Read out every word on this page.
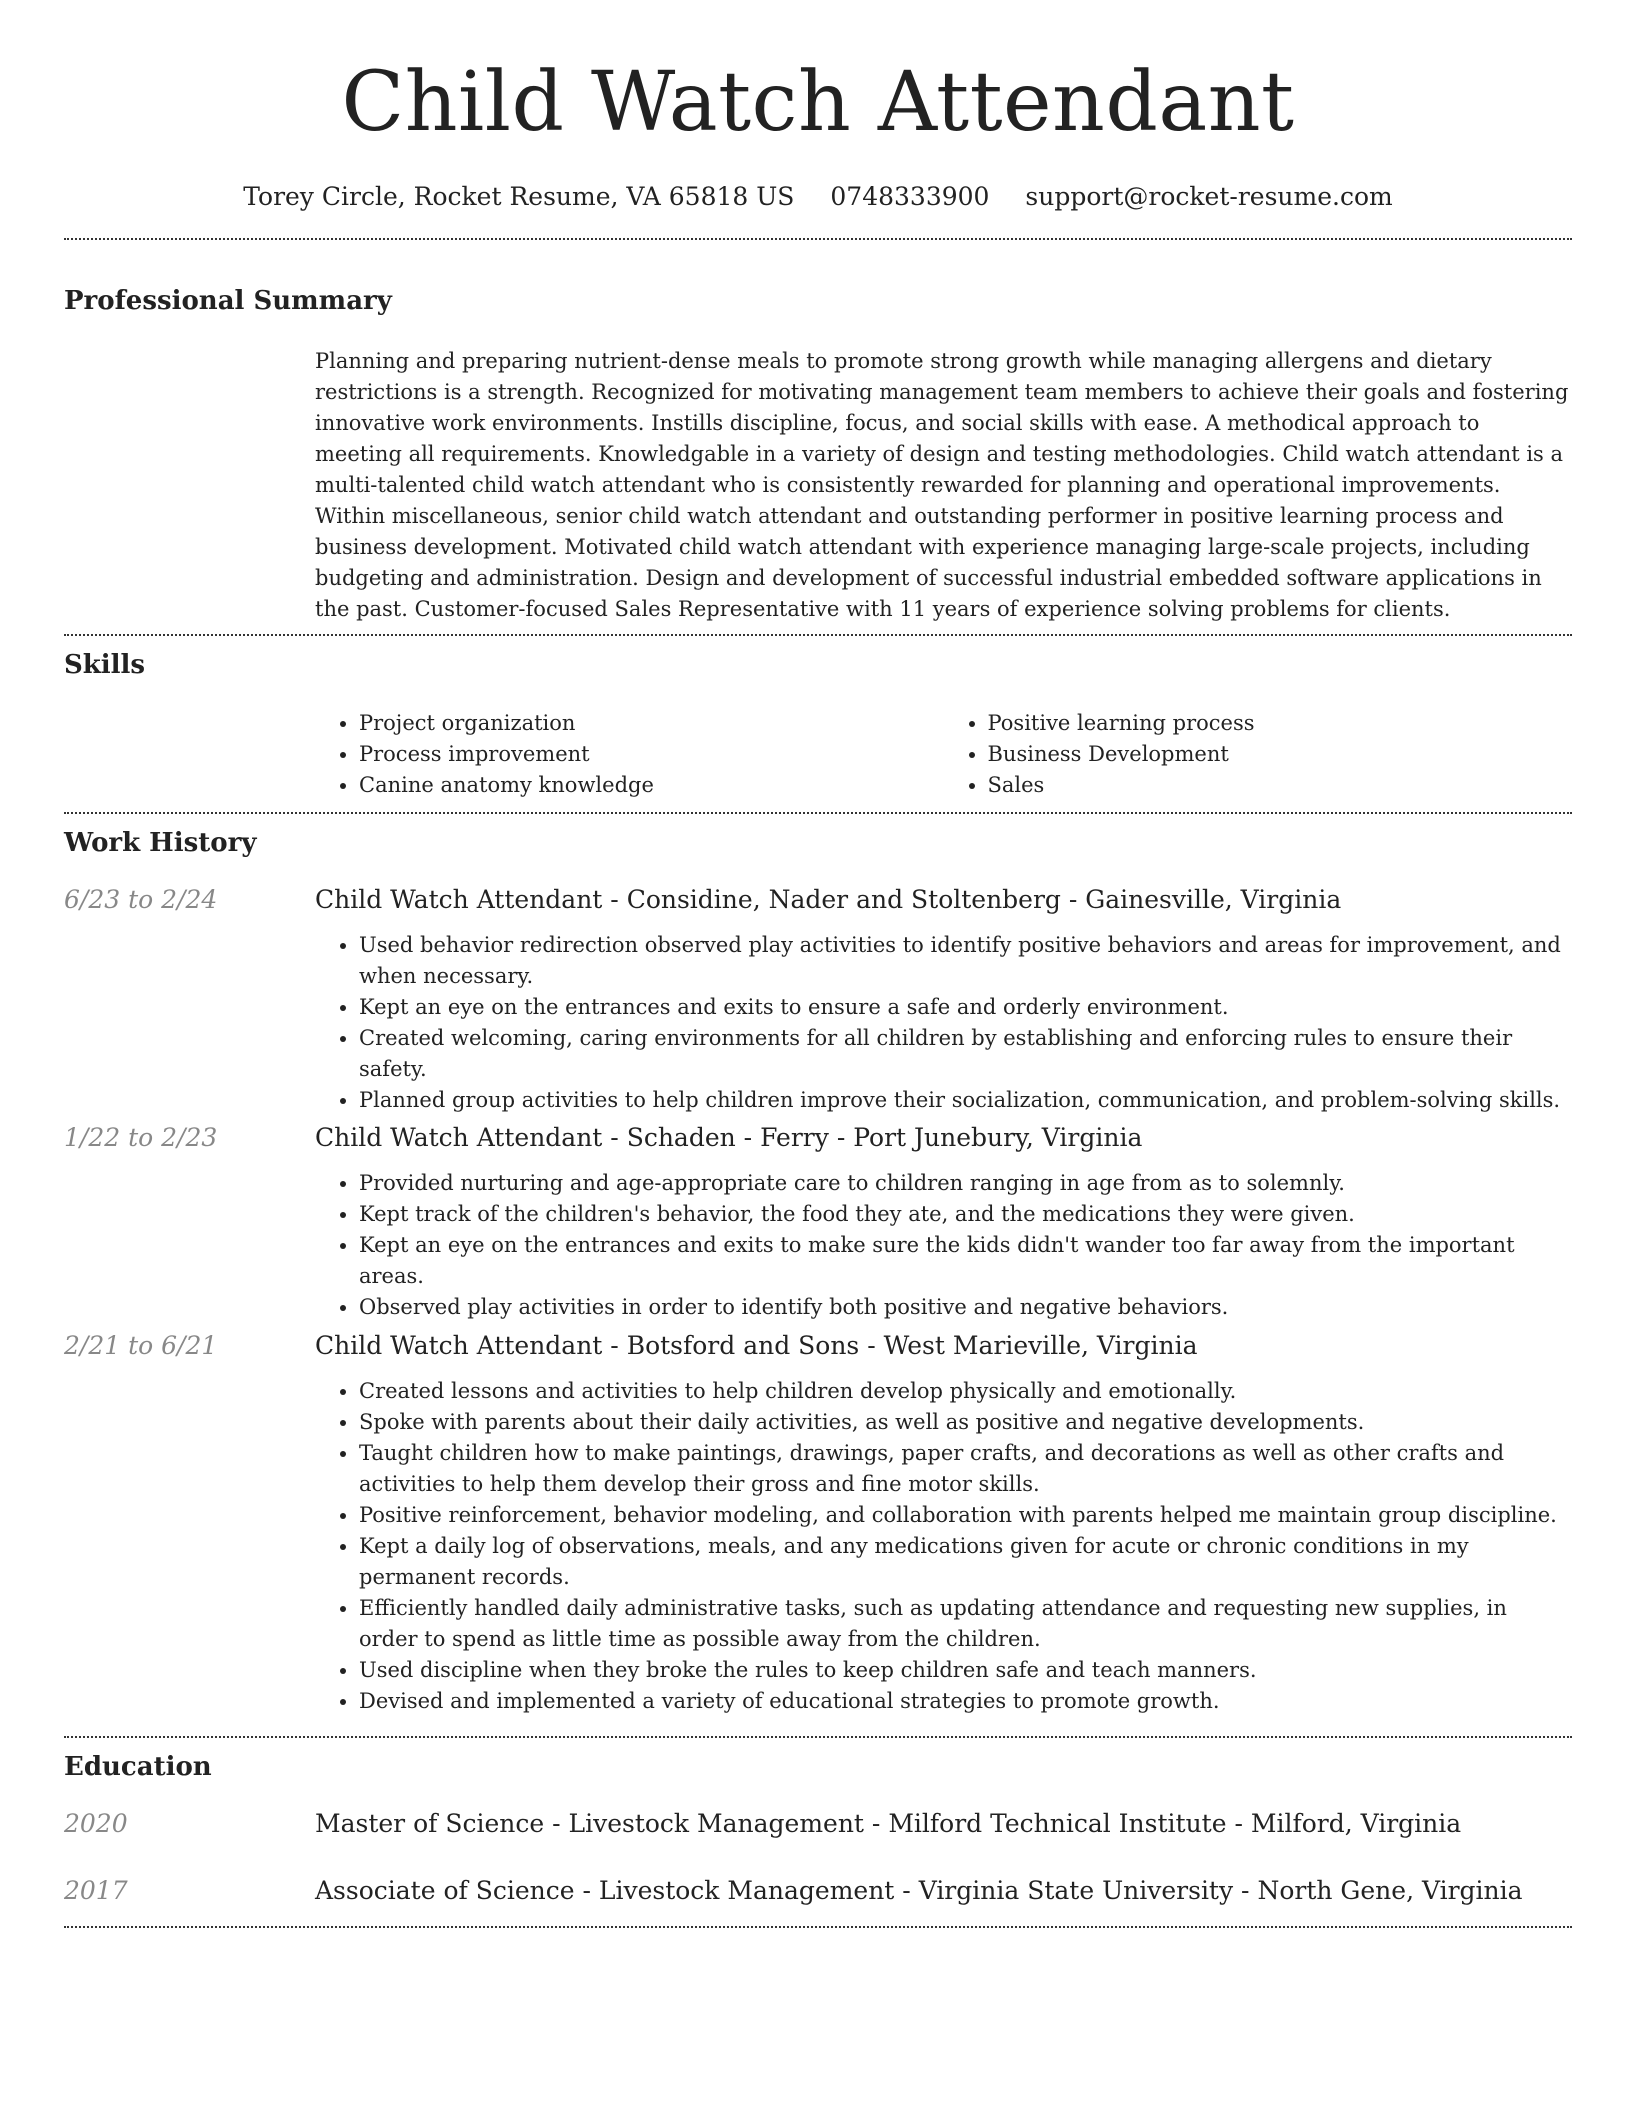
Child Watch Attendant
Torey Circle, Rocket Resume, VA 65818 US 0748333900 support@rocket-resume.com
Professional Summary
Planning and preparing nutrient-dense meals to promote strong growth while managing allergens and dietary restrictions is a strength. Recognized for motivating management team members to achieve their goals and fostering innovative work environments. Instills discipline, focus, and social skills with ease. A methodical approach to meeting all requirements. Knowledgable in a variety of design and testing methodologies. Child watch attendant is a multi-talented child watch attendant who is consistently rewarded for planning and operational improvements. Within miscellaneous, senior child watch attendant and outstanding performer in positive learning process and business development. Motivated child watch attendant with experience managing large-scale projects, including budgeting and administration. Design and development of successful industrial embedded software applications in the past. Customer-focused Sales Representative with 11 years of experience solving problems for clients.
Skills
• Project organization
• Process improvement
• Canine anatomy knowledge
• Positive learning process
• Business Development
• Sales
Work History
6/23 to 2/24	Child Watch Attendant - Considine, Nader and Stoltenberg - Gainesville, Virginia
• Used behavior redirection observed play activities to identify positive behaviors and areas for improvement, and when necessary.
• Kept an eye on the entrances and exits to ensure a safe and orderly environment.
• Created welcoming, caring environments for all children by establishing and enforcing rules to ensure their safety.
• Planned group activities to help children improve their socialization, communication, and problem-solving skills.
1/22 to 2/23	Child Watch Attendant - Schaden - Ferry - Port Junebury, Virginia
• Provided nurturing and age-appropriate care to children ranging in age from as to solemnly.
• Kept track of the children's behavior, the food they ate, and the medications they were given.
• Kept an eye on the entrances and exits to make sure the kids didn't wander too far away from the important areas.
• Observed play activities in order to identify both positive and negative behaviors.
2/21 to 6/21	Child Watch Attendant - Botsford and Sons - West Marieville, Virginia
• Created lessons and activities to help children develop physically and emotionally.
• Spoke with parents about their daily activities, as well as positive and negative developments.
• Taught children how to make paintings, drawings, paper crafts, and decorations as well as other crafts and activities to help them develop their gross and fine motor skills.
• Positive reinforcement, behavior modeling, and collaboration with parents helped me maintain group discipline.
• Kept a daily log of observations, meals, and any medications given for acute or chronic conditions in my permanent records.
• Efficiently handled daily administrative tasks, such as updating attendance and requesting new supplies, in order to spend as little time as possible away from the children.
• Used discipline when they broke the rules to keep children safe and teach manners.
• Devised and implemented a variety of educational strategies to promote growth.
Education
2020	Master of Science - Livestock Management - Milford Technical Institute - Milford, Virginia
2017	Associate of Science - Livestock Management - Virginia State University - North Gene, Virginia
